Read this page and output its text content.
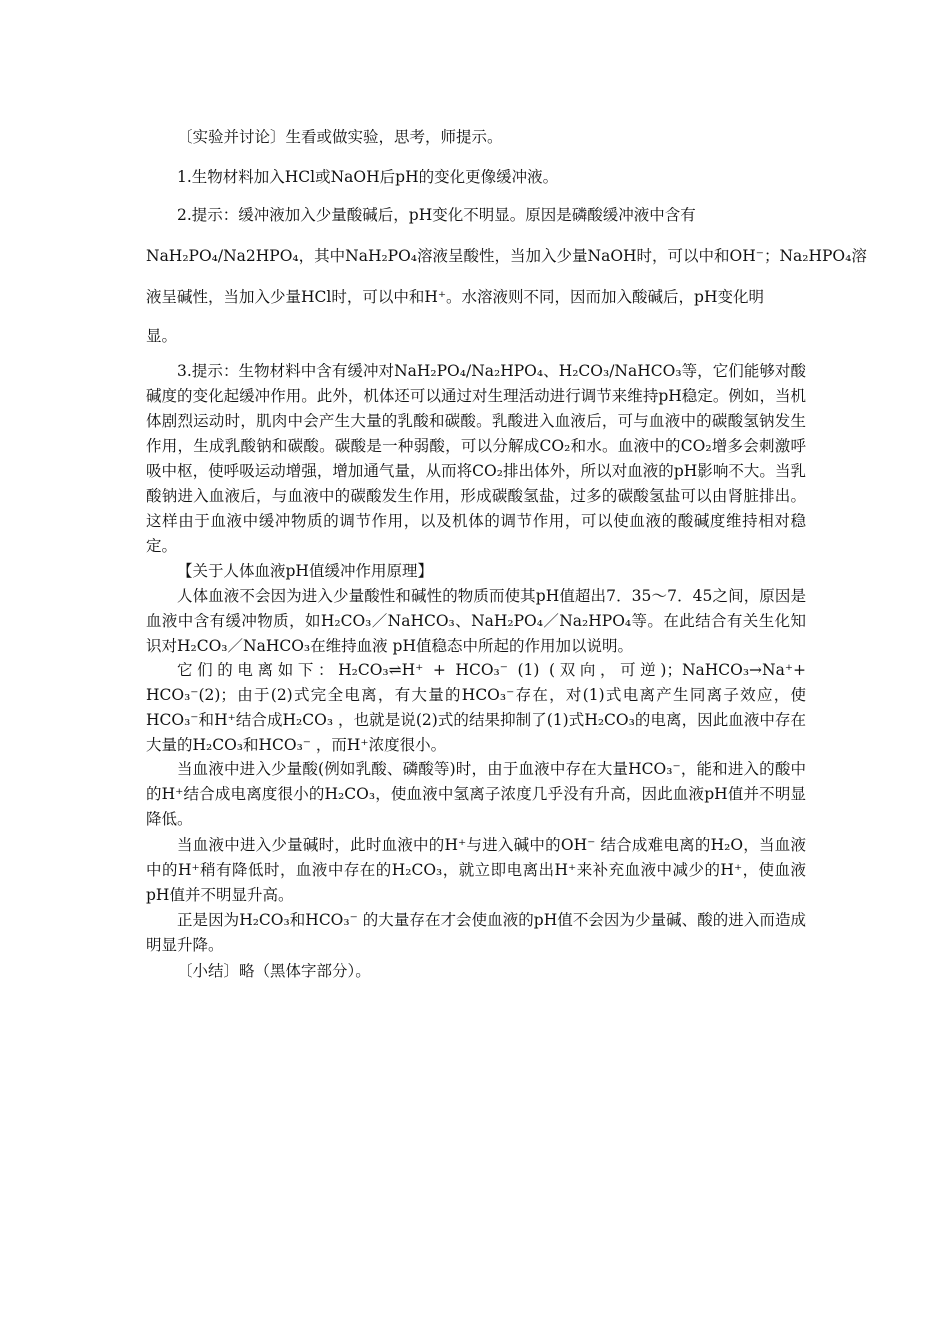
〔实验并讨论〕生看或做实验，思考，师提示。

1.生物材料加入HCl或NaOH后pH的变化更像缓冲液。

2.提示：缓冲液加入少量酸碱后，pH变化不明显。原因是磷酸缓冲液中含有

NaH₂PO₄/Na2HPO₄，其中NaH₂PO₄溶液呈酸性，当加入少量NaOH时，可以中和OH⁻；Na₂HPO₄溶

液呈碱性，当加入少量HCl时，可以中和H⁺。水溶液则不同，因而加入酸碱后，pH变化明

显。

3.提示：生物材料中含有缓冲对NaH₂PO₄/Na₂HPO₄、H₂CO₃/NaHCO₃等，它们能够对酸碱度的变化起缓冲作用。此外，机体还可以通过对生理活动进行调节来维持pH稳定。例如，当机体剧烈运动时，肌肉中会产生大量的乳酸和碳酸。乳酸进入血液后，可与血液中的碳酸氢钠发生作用，生成乳酸钠和碳酸。碳酸是一种弱酸，可以分解成CO₂和水。血液中的CO₂增多会刺激呼吸中枢，使呼吸运动增强，增加通气量，从而将CO₂排出体外，所以对血液的pH影响不大。当乳酸钠进入血液后，与血液中的碳酸发生作用，形成碳酸氢盐，过多的碳酸氢盐可以由肾脏排出。这样由于血液中缓冲物质的调节作用，以及机体的调节作用，可以使血液的酸碱度维持相对稳定。

【关于人体血液pH值缓冲作用原理】

人体血液不会因为进入少量酸性和碱性的物质而使其pH值超出7．35～7．45之间，原因是血液中含有缓冲物质，如H₂CO₃／NaHCO₃、NaH₂PO₄／Na₂HPO₄等。在此结合有关生化知识对H₂CO₃／NaHCO₃在维持血液 pH值稳态中所起的作用加以说明。

它们的电离如下：H₂CO₃⇌H⁺ + HCO₃⁻ (1) (双向，可逆)；NaHCO₃→Na⁺+ HCO₃⁻(2)；由于(2)式完全电离，有大量的HCO₃⁻存在，对(1)式电离产生同离子效应，使HCO₃⁻和H⁺结合成H₂CO₃ ，也就是说(2)式的结果抑制了(1)式H₂CO₃的电离，因此血液中存在大量的H₂CO₃和HCO₃⁻ ，而H⁺浓度很小。

当血液中进入少量酸(例如乳酸、磷酸等)时，由于血液中存在大量HCO₃⁻，能和进入的酸中的H⁺结合成电离度很小的H₂CO₃，使血液中氢离子浓度几乎没有升高，因此血液pH值并不明显降低。

当血液中进入少量碱时，此时血液中的H⁺与进入碱中的OH⁻ 结合成难电离的H₂O，当血液中的H⁺稍有降低时，血液中存在的H₂CO₃，就立即电离出H⁺来补充血液中减少的H⁺，使血液pH值并不明显升高。

正是因为H₂CO₃和HCO₃⁻ 的大量存在才会使血液的pH值不会因为少量碱、酸的进入而造成明显升降。

〔小结〕略（黑体字部分）。
